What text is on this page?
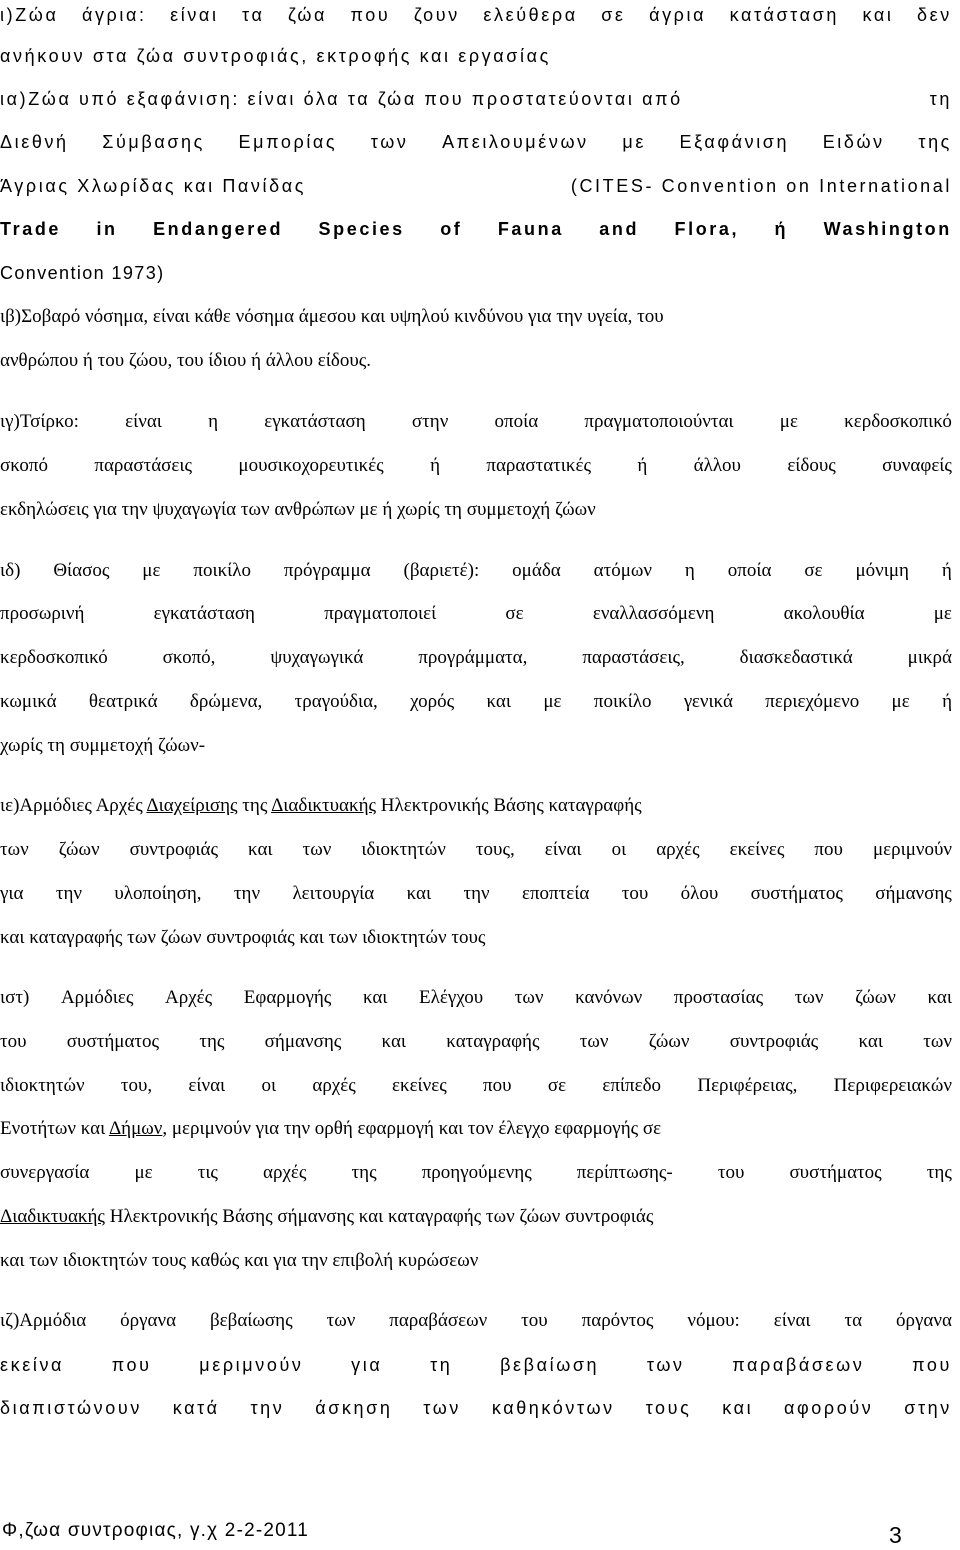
ι)Ζώα άγρια: είναι τα ζώα που ζουν ελεύθερα σε άγρια κατάσταση και δεν
ανήκουν στα ζώα συντροφιάς, εκτροφής και εργασίας
ια)Ζώα υπό εξαφάνιση: είναι όλα τα ζώα που προστατεύονται από	τη
Διεθνή Σύμβασης Εμπορίας των Απειλουμένων με Εξαφάνιση Ειδών της
Άγριας Χλωρίδας και Πανίδας	(CITES- Convention on International
Trade in Endangered Species of Fauna and Flora, ή Washington
Convention 1973)
ιβ)Σοβαρό νόσημα, είναι κάθε νόσημα άμεσου και υψηλού κινδύνου για την υγεία, του
ανθρώπου ή του ζώου, του ίδιου ή άλλου είδους.
ιγ)Τσίρκο: είναι η εγκατάσταση στην οποία πραγματοποιούνται με κερδοσκοπικό
σκοπό παραστάσεις μουσικοχορευτικές ή παραστατικές ή άλλου είδους συναφείς
εκδηλώσεις για την ψυχαγωγία των ανθρώπων με ή χωρίς τη συμμετοχή ζώων
ιδ) Θίασος με ποικίλο πρόγραμμα (βαριετέ): ομάδα ατόμων η οποία σε μόνιμη ή
προσωρινή	εγκατάσταση	πραγματοποιεί	σε	εναλλασσόμενη	ακολουθία	με
κερδοσκοπικό	σκοπό,	ψυχαγωγικά	προγράμματα,	παραστάσεις,	διασκεδαστικά	μικρά
κωμικά θεατρικά δρώμενα, τραγούδια, χορός και με ποικίλο γενικά περιεχόμενο με ή
χωρίς τη συμμετοχή ζώων-
ιε)Αρμόδιες Αρχές Διαχείρισης της Διαδικτυακής Ηλεκτρονικής Βάσης καταγραφής
των ζώων συντροφιάς και των ιδιοκτητών τους, είναι οι αρχές εκείνες που μεριμνούν
για την υλοποίηση, την λειτουργία και την εποπτεία του όλου συστήματος σήμανσης
και καταγραφής των ζώων συντροφιάς και των ιδιοκτητών τους
ιστ) Αρμόδιες Αρχές Εφαρμογής και Ελέγχου των κανόνων προστασίας των ζώων και
του συστήματος της σήμανσης και καταγραφής των ζώων συντροφιάς και των
ιδιοκτητών του, είναι οι αρχές εκείνες που σε επίπεδο Περιφέρειας, Περιφερειακών
Ενοτήτων και Δήμων, μεριμνούν για την ορθή εφαρμογή και τον έλεγχο εφαρμογής σε
συνεργασία με τις αρχές της προηγούμενης περίπτωσης- του συστήματος της
Διαδικτυακής Ηλεκτρονικής Βάσης σήμανσης και καταγραφής των ζώων συντροφιάς
και των ιδιοκτητών τους καθώς και για την επιβολή κυρώσεων
ιζ)Αρμόδια όργανα βεβαίωσης των παραβάσεων του παρόντος νόμου: είναι τα όργανα
εκείνα	που	μεριμνούν	για	τη	βεβαίωση	των	παραβάσεων	που
διαπιστώνουν κατά την άσκηση των καθηκόντων τους και αφορούν στην
Φ,ζωα συντροφιας, γ.χ 2-2-2011	3
